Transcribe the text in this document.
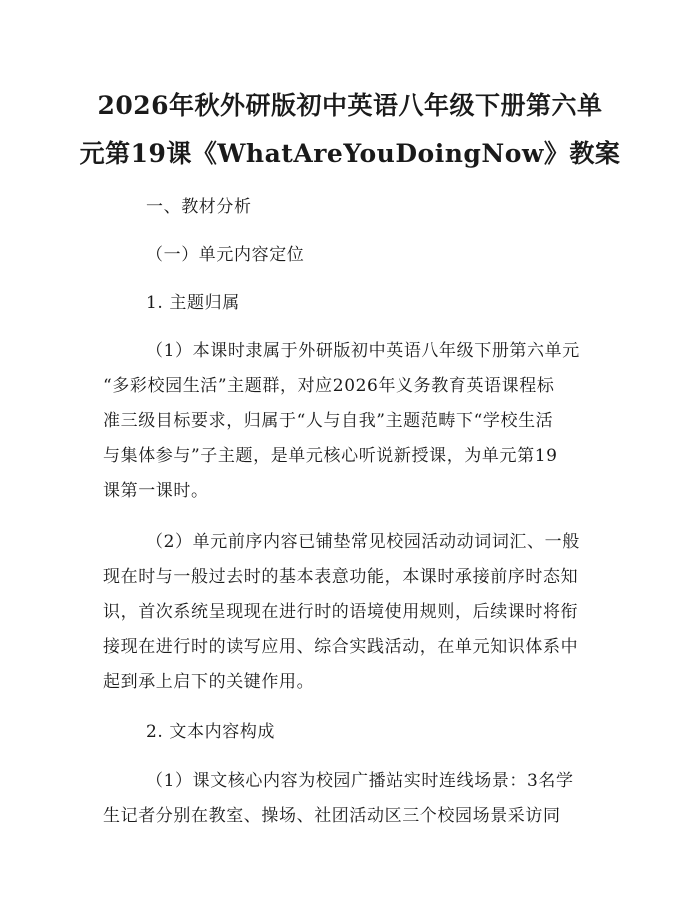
2026年秋外研版初中英语八年级下册第六单
元第19课《WhatAreYouDoingNow》教案
一、教材分析
（一）单元内容定位
1. 主题归属
（1）本课时隶属于外研版初中英语八年级下册第六单元
“多彩校园生活”主题群，对应2026年义务教育英语课程标
准三级目标要求，归属于“人与自我”主题范畴下“学校生活
与集体参与”子主题，是单元核心听说新授课，为单元第19
课第一课时。
（2）单元前序内容已铺垫常见校园活动动词词汇、一般
现在时与一般过去时的基本表意功能，本课时承接前序时态知
识，首次系统呈现现在进行时的语境使用规则，后续课时将衔
接现在进行时的读写应用、综合实践活动，在单元知识体系中
起到承上启下的关键作用。
2. 文本内容构成
（1）课文核心内容为校园广播站实时连线场景：3名学
生记者分别在教室、操场、社团活动区三个校园场景采访同
